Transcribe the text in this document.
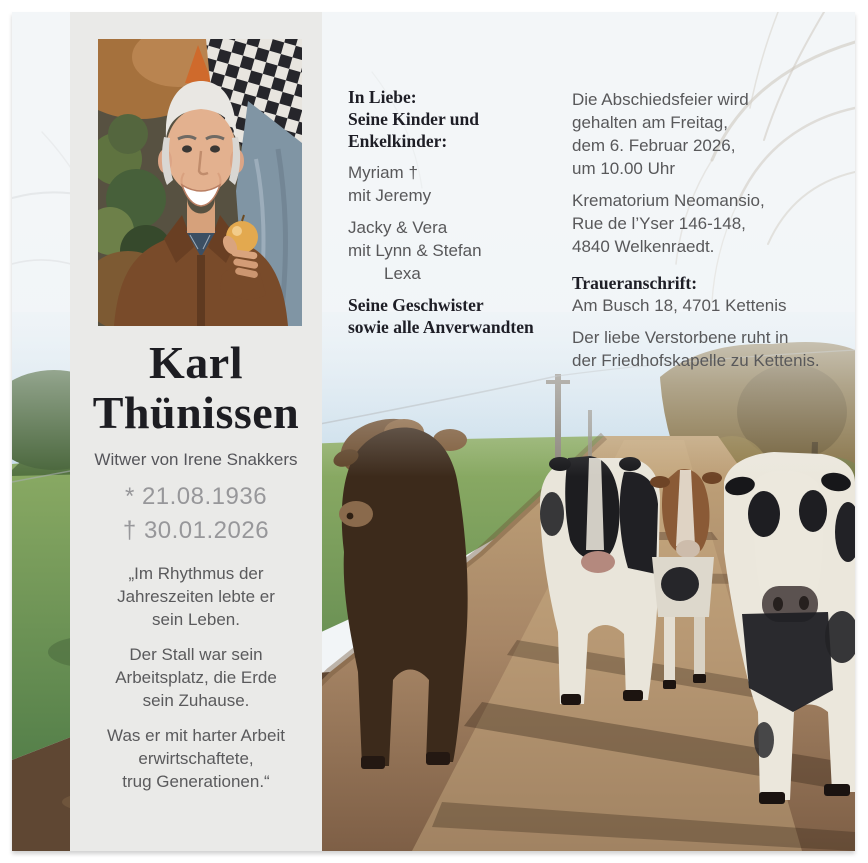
Karl
Thünissen
Witwer von Irene Snakkers
* 21.08.1936
† 30.01.2026

„Im Rhythmus der
Jahreszeiten lebte er
sein Leben.

Der Stall war sein
Arbeitsplatz, die Erde
sein Zuhause.

Was er mit harter Arbeit
erwirtschaftete,
trug Generationen.“

In Liebe:
Seine Kinder und
Enkelkinder:
Myriam †
mit Jeremy
Jacky & Vera
mit Lynn & Stefan
Lexa
Seine Geschwister
sowie alle Anverwandten
Die Abschiedsfeier wird
gehalten am Freitag,
dem 6. Februar 2026,
um 10.00 Uhr
Krematorium Neomansio,
Rue de l’Yser 146-148,
4840 Welkenraedt.
Traueranschrift:
Am Busch 18, 4701 Kettenis
Der liebe Verstorbene ruht in
der Friedhofskapelle zu Kettenis.
